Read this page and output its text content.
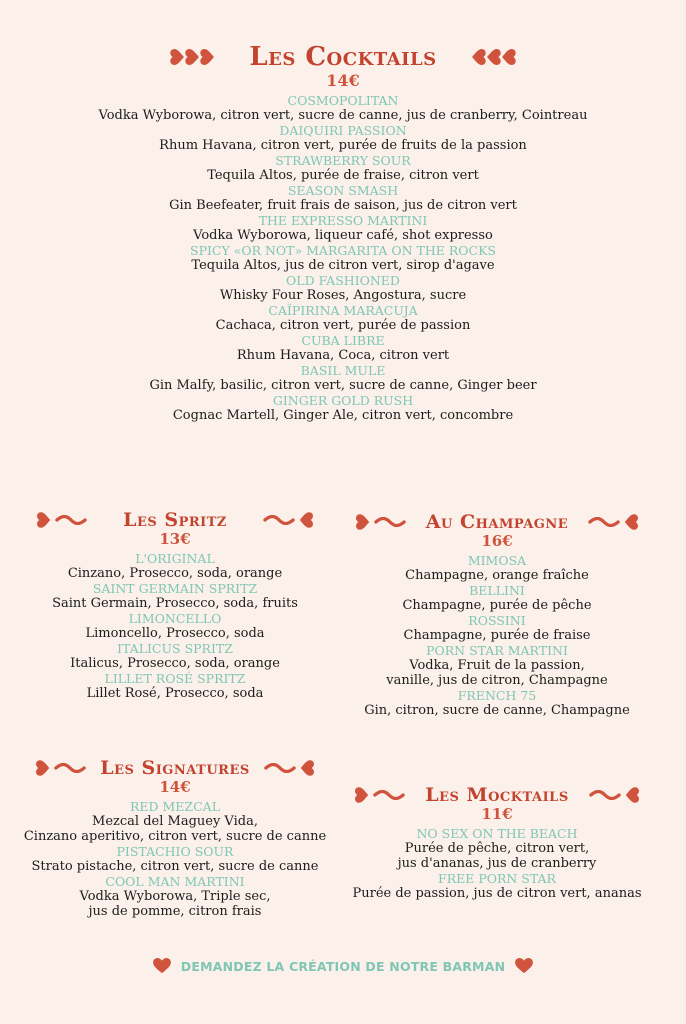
Les Cocktails
14€
COSMOPOLITAN
Vodka Wyborowa, citron vert, sucre de canne, jus de cranberry, Cointreau
DAIQUIRI PASSION
Rhum Havana, citron vert, purée de fruits de la passion
STRAWBERRY SOUR
Tequila Altos, purée de fraise, citron vert
SEASON SMASH
Gin Beefeater, fruit frais de saison, jus de citron vert
THE EXPRESSO MARTINI
Vodka Wyborowa, liqueur café, shot expresso
SPICY «OR NOT» MARGARITA ON THE ROCKS
Tequila Altos, jus de citron vert, sirop d'agave
OLD FASHIONED
Whisky Four Roses, Angostura, sucre
CAÏPIRINA MARACUJA
Cachaca, citron vert, purée de passion
CUBA LIBRE
Rhum Havana, Coca, citron vert
BASIL MULE
Gin Malfy, basilic, citron vert, sucre de canne, Ginger beer
GINGER GOLD RUSH
Cognac Martell, Ginger Ale, citron vert, concombre
Les Spritz
13€
L'ORIGINAL
Cinzano, Prosecco, soda, orange
SAINT GERMAIN SPRITZ
Saint Germain, Prosecco, soda, fruits
LIMONCELLO
Limoncello, Prosecco, soda
ITALICUS SPRITZ
Italicus, Prosecco, soda, orange
LILLET ROSÉ SPRITZ
Lillet Rosé, Prosecco, soda
Au Champagne
16€
MIMOSA
Champagne, orange fraîche
BELLINI
Champagne, purée de pêche
ROSSINI
Champagne, purée de fraise
PORN STAR MARTINI
Vodka, Fruit de la passion,
vanille, jus de citron, Champagne
FRENCH 75
Gin, citron, sucre de canne, Champagne
Les Signatures
14€
RED MEZCAL
Mezcal del Maguey Vida,
Cinzano aperitivo, citron vert, sucre de canne
PISTACHIO SOUR
Strato pistache, citron vert, sucre de canne
COOL MAN MARTINI
Vodka Wyborowa, Triple sec,
jus de pomme, citron frais
Les Mocktails
11€
NO SEX ON THE BEACH
Purée de pêche, citron vert,
jus d'ananas, jus de cranberry
FREE PORN STAR
Purée de passion, jus de citron vert, ananas
DEMANDEZ LA CRÉATION DE NOTRE BARMAN
